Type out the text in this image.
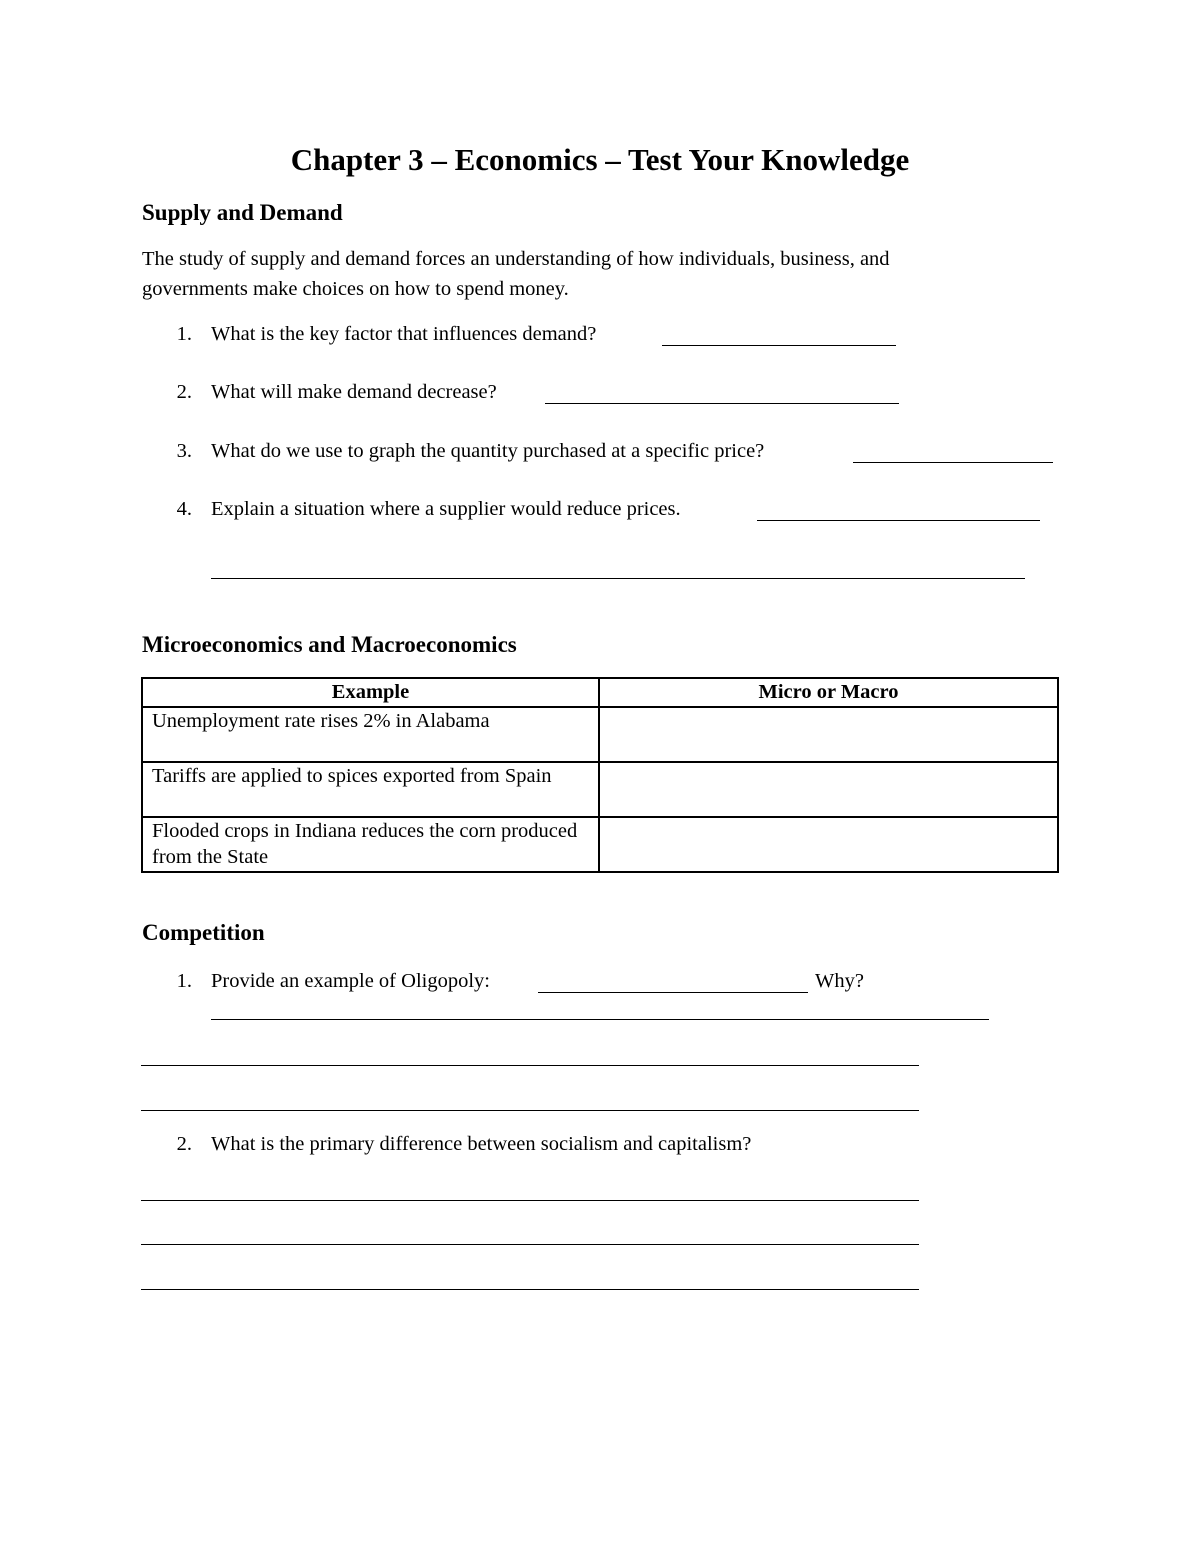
Chapter 3 – Economics – Test Your Knowledge
Supply and Demand
The study of supply and demand forces an understanding of how individuals, business, and
governments make choices on how to spend money.
1. What is the key factor that influences demand?
2. What will make demand decrease?
3. What do we use to graph the quantity purchased at a specific price?
4. Explain a situation where a supplier would reduce prices.
Microeconomics and Macroeconomics
Example	Micro or Macro
Unemployment rate rises 2% in Alabama	
Tariffs are applied to spices exported from Spain	
Flooded crops in Indiana reduces the corn produced from the State	
Competition
1. Provide an example of Oligopoly:	Why?
2. What is the primary difference between socialism and capitalism?
